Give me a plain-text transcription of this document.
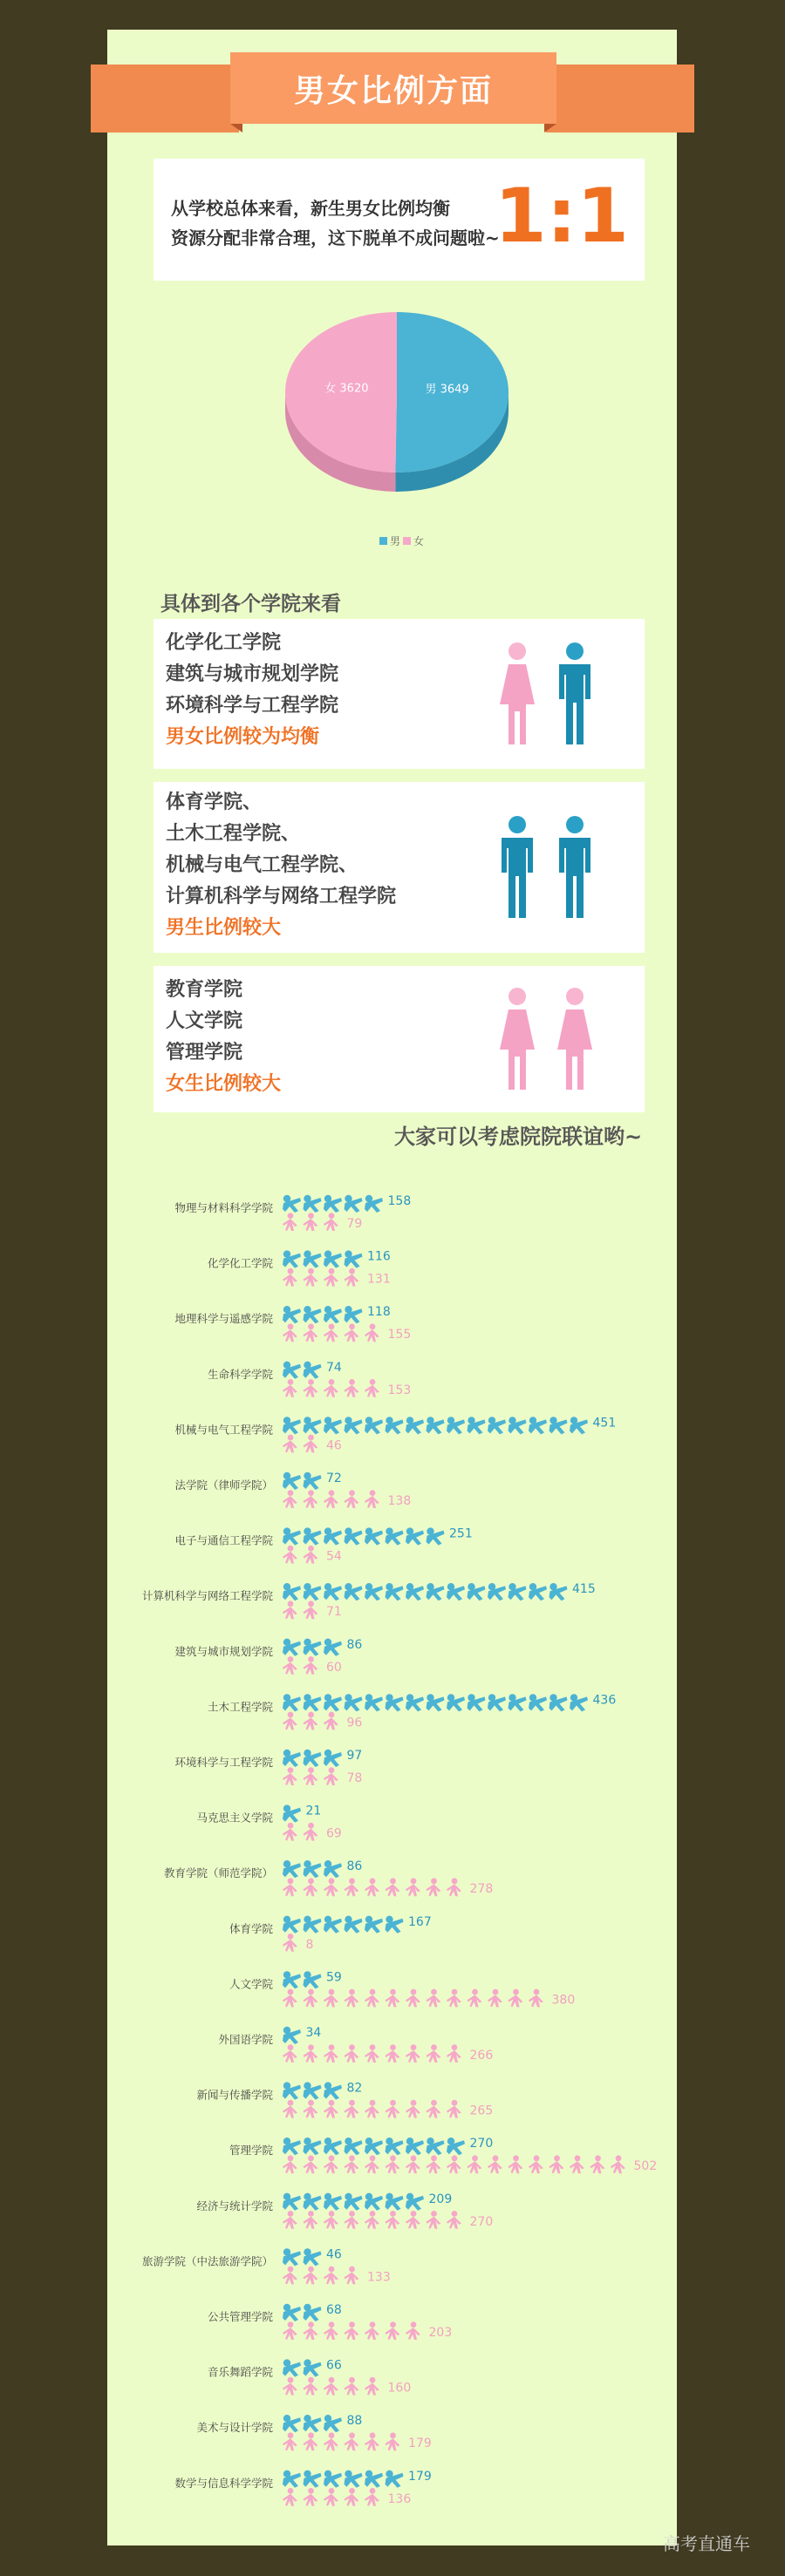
男女比例方面
从学校总体来看，新生男女比例均衡
资源分配非常合理，这下脱单不成问题啦~
1:1
男 3649
女 3620
男 女
具体到各个学院来看
化学化工学院
建筑与城市规划学院
环境科学与工程学院
男女比例较为均衡
体育学院、
土木工程学院、
机械与电气工程学院、
计算机科学与网络工程学院
男生比例较大
教育学院
人文学院
管理学院
女生比例较大
大家可以考虑院院联谊哟~
物理与材料科学学院	158
79
化学化工学院	116
131
地理科学与遥感学院	118
155
生命科学学院	74
153
机械与电气工程学院	451
46
法学院（律师学院）	72
138
电子与通信工程学院	251
54
计算机科学与网络工程学院	415
71
建筑与城市规划学院	86
60
土木工程学院	436
96
环境科学与工程学院	97
78
马克思主义学院	21
69
教育学院（师范学院）	86
278
体育学院	167
8
人文学院	59
380
外国语学院	34
266
新闻与传播学院	82
265
管理学院	270
502
经济与统计学院	209
270
旅游学院（中法旅游学院）	46
133
公共管理学院	68
203
音乐舞蹈学院	66
160
美术与设计学院	88
179
数学与信息科学学院	179
136
高考直通车
